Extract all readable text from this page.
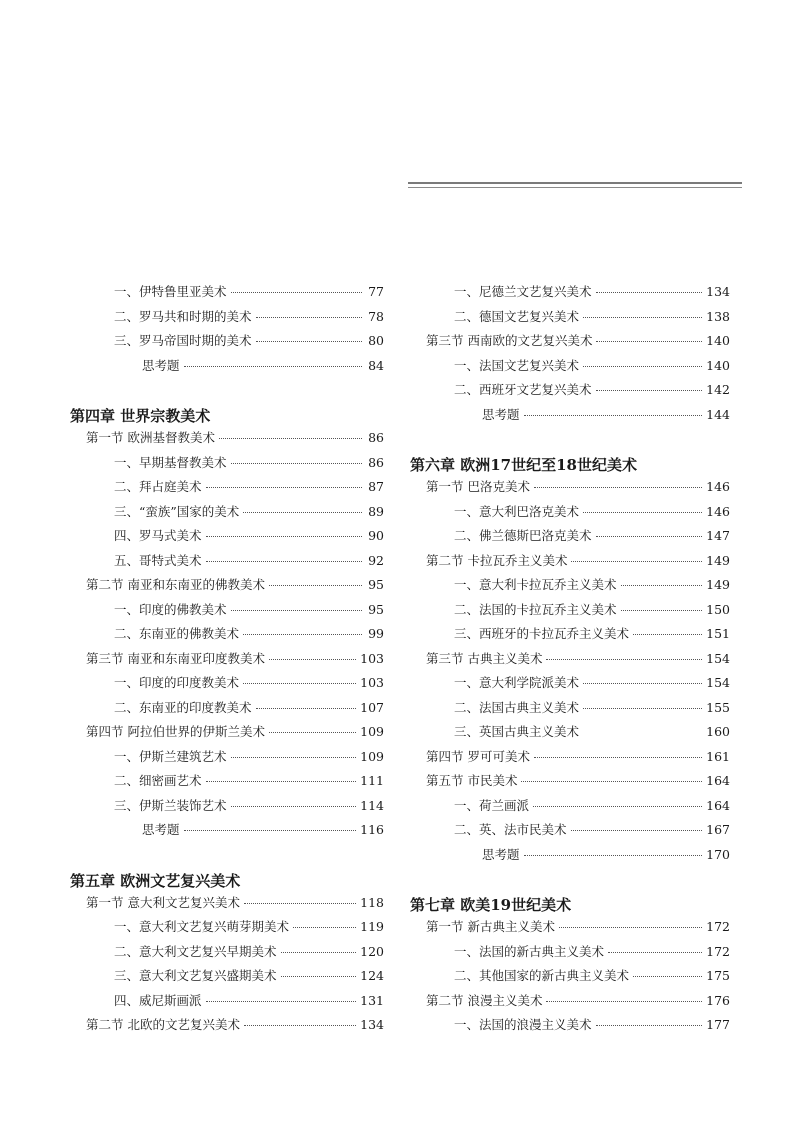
一、伊特鲁里亚美术	77
二、罗马共和时期的美术	78
三、罗马帝国时期的美术	80
思考题	84
第四章 世界宗教美术
第一节 欧洲基督教美术	86
一、早期基督教美术	86
二、拜占庭美术	87
三、“蛮族”国家的美术	89
四、罗马式美术	90
五、哥特式美术	92
第二节 南亚和东南亚的佛教美术	95
一、印度的佛教美术	95
二、东南亚的佛教美术	99
第三节 南亚和东南亚印度教美术	103
一、印度的印度教美术	103
二、东南亚的印度教美术	107
第四节 阿拉伯世界的伊斯兰美术	109
一、伊斯兰建筑艺术	109
二、细密画艺术	111
三、伊斯兰装饰艺术	114
思考题	116
第五章 欧洲文艺复兴美术
第一节 意大利文艺复兴美术	118
一、意大利文艺复兴萌芽期美术	119
二、意大利文艺复兴早期美术	120
三、意大利文艺复兴盛期美术	124
四、威尼斯画派	131
第二节 北欧的文艺复兴美术	134
一、尼德兰文艺复兴美术	134
二、德国文艺复兴美术	138
第三节 西南欧的文艺复兴美术	140
一、法国文艺复兴美术	140
二、西班牙文艺复兴美术	142
思考题	144
第六章 欧洲17世纪至18世纪美术
第一节 巴洛克美术	146
一、意大利巴洛克美术	146
二、佛兰德斯巴洛克美术	147
第二节 卡拉瓦乔主义美术	149
一、意大利卡拉瓦乔主义美术	149
二、法国的卡拉瓦乔主义美术	150
三、西班牙的卡拉瓦乔主义美术	151
第三节 古典主义美术	154
一、意大利学院派美术	154
二、法国古典主义美术	155
三、英国古典主义美术	160
第四节 罗可可美术	161
第五节 市民美术	164
一、荷兰画派	164
二、英、法市民美术	167
思考题	170
第七章 欧美19世纪美术
第一节 新古典主义美术	172
一、法国的新古典主义美术	172
二、其他国家的新古典主义美术	175
第二节 浪漫主义美术	176
一、法国的浪漫主义美术	177
